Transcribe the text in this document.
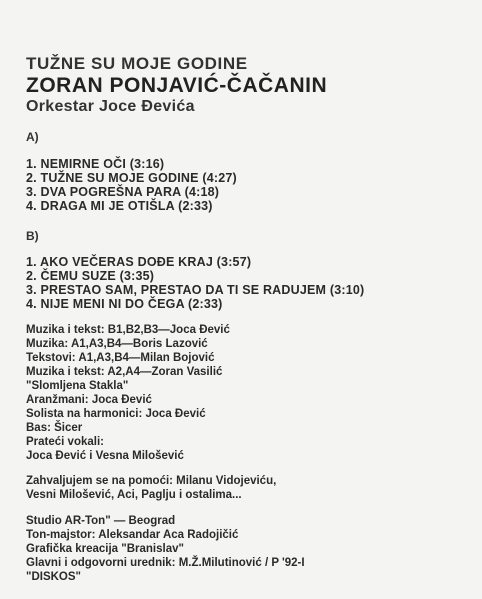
TUŽNE SU MOJE GODINE
ZORAN PONJAVIĆ-ČAČANIN
Orkestar Joce Đevića
A)
1. NEMIRNE OČI (3:16)
2. TUŽNE SU MOJE GODINE (4:27)
3. DVA POGREŠNA PARA (4:18)
4. DRAGA MI JE OTIŠLA (2:33)
B)
1. AKO VEČERAS DOĐE KRAJ (3:57)
2. ČEMU SUZE (3:35)
3. PRESTAO SAM, PRESTAO DA TI SE RADUJEM (3:10)
4. NIJE MENI NI DO ČEGA (2:33)
Muzika i tekst: B1,B2,B3—Joca Đević
Muzika: A1,A3,B4—Boris Lazović
Tekstovi: A1,A3,B4—Milan Bojović
Muzika i tekst: A2,A4—Zoran Vasilić
"Slomljena Stakla"
Aranžmani: Joca Đević
Solista na harmonici: Joca Đević
Bas: Šicer
Prateći vokali:
Joca Đević i Vesna Milošević
Zahvaljujem se na pomoći: Milanu Vidojeviću,
Vesni Milošević, Aci, Paglju i ostalima...
Studio AR-Ton" — Beograd
Ton-majstor: Aleksandar Aca Radojičić
Grafička kreacija "Branislav"
Glavni i odgovorni urednik: M.Ž.Milutinović / P '92-I
"DISKOS"
